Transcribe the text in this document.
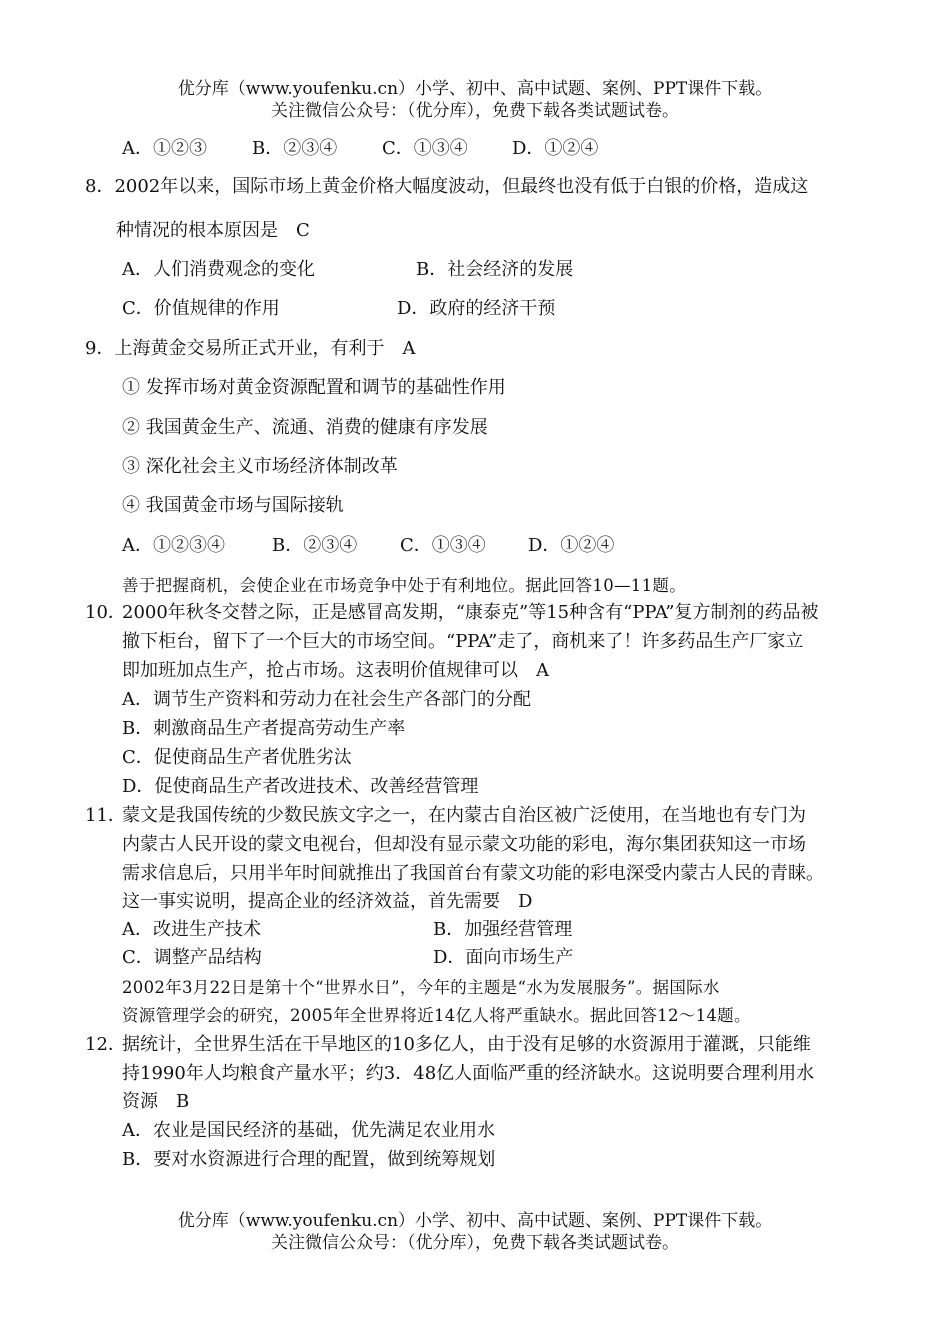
优分库（www.youfenku.cn）小学、初中、高中试题、案例、PPT课件下载。
关注微信公众号：（优分库），免费下载各类试题试卷。
A．①②③	B．②③④ C．①③④ D．①②④
8．2002年以来，国际市场上黄金价格大幅度波动，但最终也没有低于白银的价格，造成这
种情况的根本原因是 C
A．人们消费观念的变化	B．社会经济的发展
C．价值规律的作用	D．政府的经济干预
9．上海黄金交易所正式开业，有利于 A
① 发挥市场对黄金资源配置和调节的基础性作用
② 我国黄金生产、流通、消费的健康有序发展
③ 深化社会主义市场经济体制改革
④ 我国黄金市场与国际接轨
A．①②③④	B．②③④ C．①③④ D．①②④
善于把握商机，会使企业在市场竞争中处于有利地位。据此回答10—11题。
10．
2000年秋冬交替之际，正是感冒高发期，“康泰克”等15种含有“PPA”复方制剂的药品被
撤下柜台，留下了一个巨大的市场空间。“PPA”走了，商机来了！许多药品生产厂家立
即加班加点生产，抢占市场。这表明价值规律可以 A
A．调节生产资料和劳动力在社会生产各部门的分配
B．刺激商品生产者提高劳动生产率
C．促使商品生产者优胜劣汰
D．促使商品生产者改进技术、改善经营管理
11．
蒙文是我国传统的少数民族文字之一，在内蒙古自治区被广泛使用，在当地也有专门为
内蒙古人民开设的蒙文电视台，但却没有显示蒙文功能的彩电，海尔集团获知这一市场
需求信息后，只用半年时间就推出了我国首台有蒙文功能的彩电深受内蒙古人民的青睐。
这一事实说明，提高企业的经济效益，首先需要 D
A．改进生产技术	B．加强经营管理
C．调整产品结构	D．面向市场生产
2002年3月22日是第十个“世界水日”，今年的主题是“水为发展服务”。据国际水
资源管理学会的研究，2005年全世界将近14亿人将严重缺水。据此回答12～14题。
12．
据统计，全世界生活在干旱地区的10多亿人，由于没有足够的水资源用于灌溉，只能维
持1990年人均粮食产量水平；约3．48亿人面临严重的经济缺水。这说明要合理利用水
资源 B
A．农业是国民经济的基础，优先满足农业用水
B．要对水资源进行合理的配置，做到统筹规划
优分库（www.youfenku.cn）小学、初中、高中试题、案例、PPT课件下载。
关注微信公众号：（优分库），免费下载各类试题试卷。
